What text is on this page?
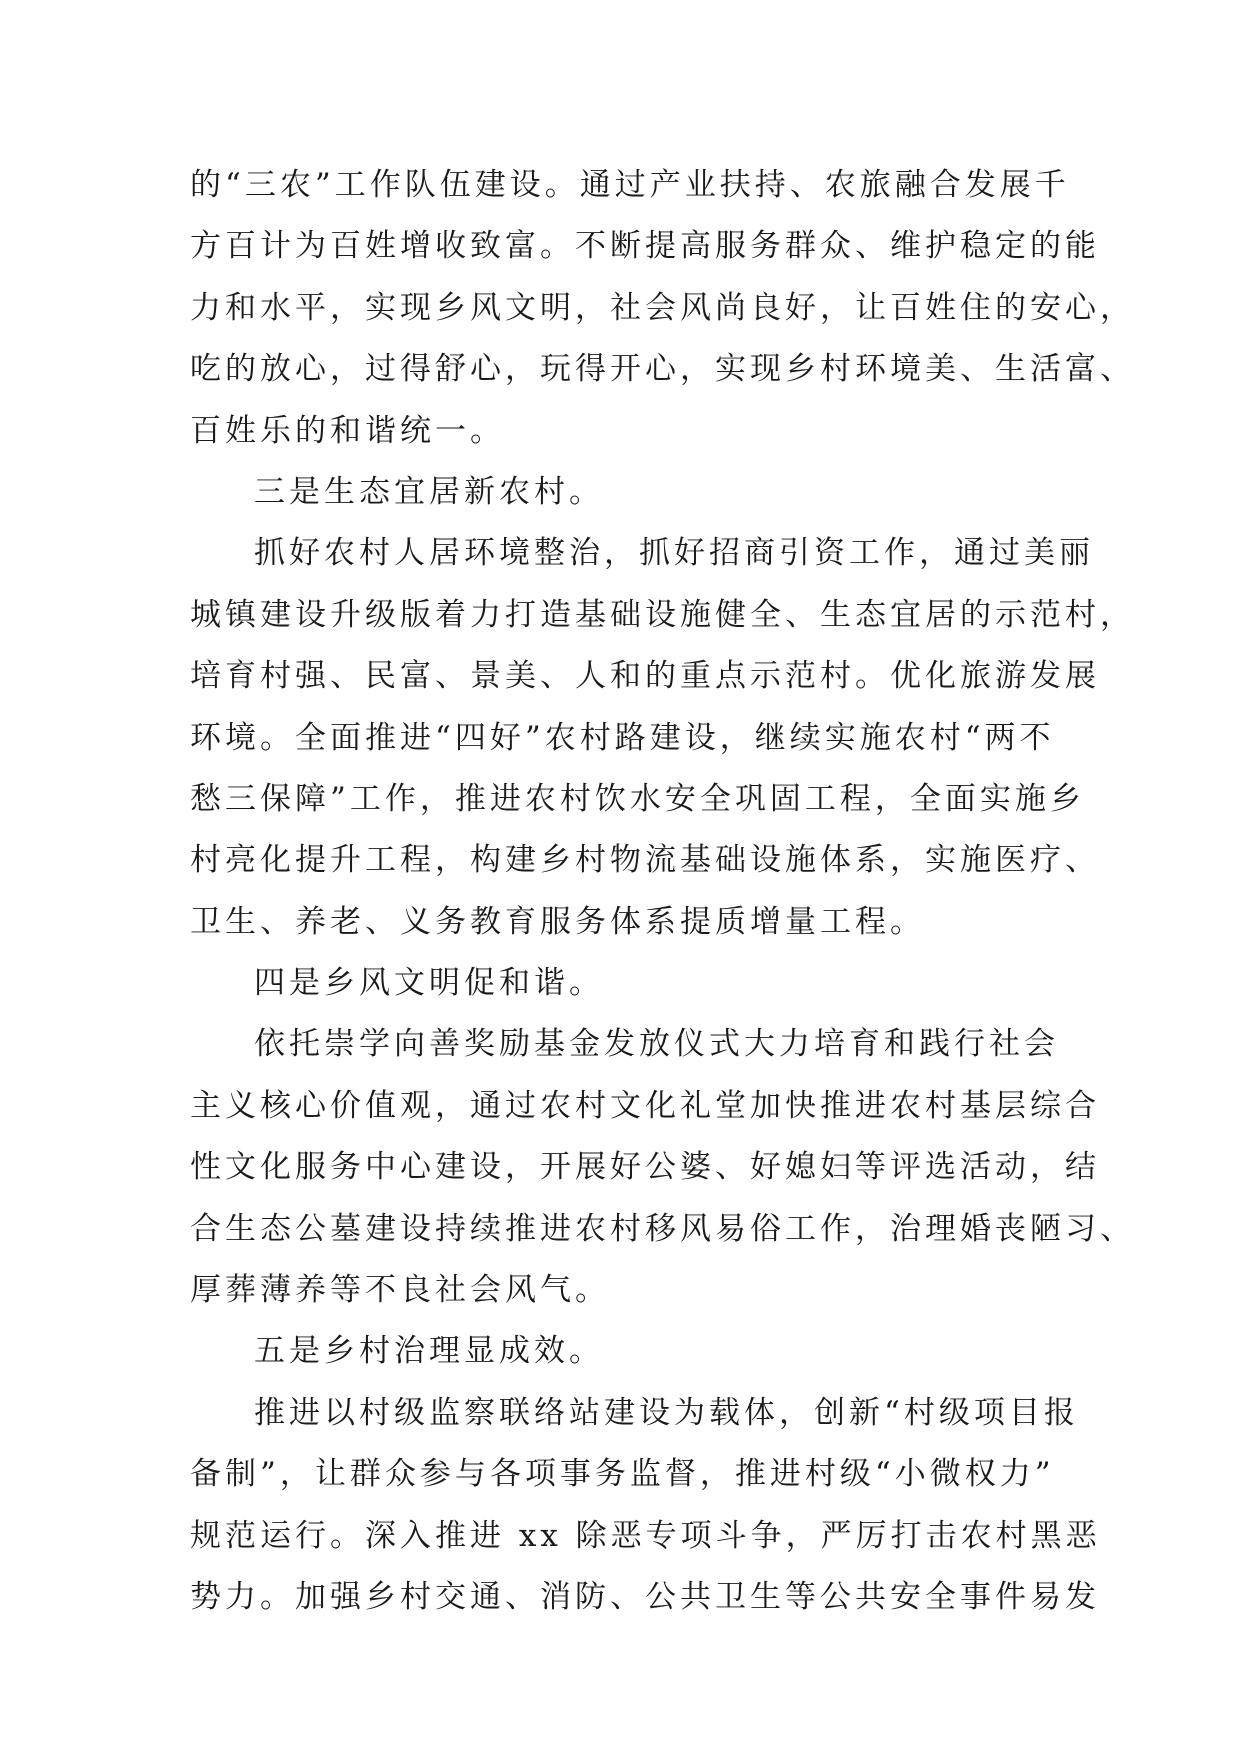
的“三农”工作队伍建设。通过产业扶持、农旅融合发展千
方百计为百姓增收致富。不断提高服务群众、维护稳定的能
力和水平，实现乡风文明，社会风尚良好，让百姓住的安心，
吃的放心，过得舒心，玩得开心，实现乡村环境美、生活富、
百姓乐的和谐统一。
三是生态宜居新农村。
抓好农村人居环境整治，抓好招商引资工作，通过美丽
城镇建设升级版着力打造基础设施健全、生态宜居的示范村，
培育村强、民富、景美、人和的重点示范村。优化旅游发展
环境。全面推进“四好”农村路建设，继续实施农村“两不
愁三保障”工作，推进农村饮水安全巩固工程，全面实施乡
村亮化提升工程，构建乡村物流基础设施体系，实施医疗、
卫生、养老、义务教育服务体系提质增量工程。
四是乡风文明促和谐。
依托崇学向善奖励基金发放仪式大力培育和践行社会
主义核心价值观，通过农村文化礼堂加快推进农村基层综合
性文化服务中心建设，开展好公婆、好媳妇等评选活动，结
合生态公墓建设持续推进农村移风易俗工作，治理婚丧陋习、
厚葬薄养等不良社会风气。
五是乡村治理显成效。
推进以村级监察联络站建设为载体，创新“村级项目报
备制”，让群众参与各项事务监督，推进村级“小微权力”
规范运行。深入推进 xx 除恶专项斗争，严厉打击农村黑恶
势力。加强乡村交通、消防、公共卫生等公共安全事件易发
